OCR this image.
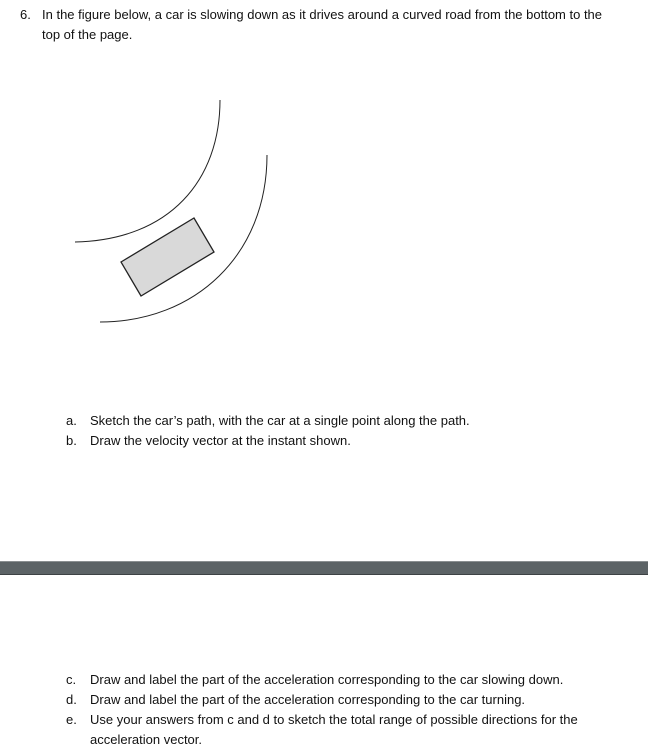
6. In the figure below, a car is slowing down as it drives around a curved road from the bottom to the top of the page.
a. Sketch the car’s path, with the car at a single point along the path.
b. Draw the velocity vector at the instant shown.
c. Draw and label the part of the acceleration corresponding to the car slowing down.
d. Draw and label the part of the acceleration corresponding to the car turning.
e. Use your answers from c and d to sketch the total range of possible directions for the acceleration vector.
